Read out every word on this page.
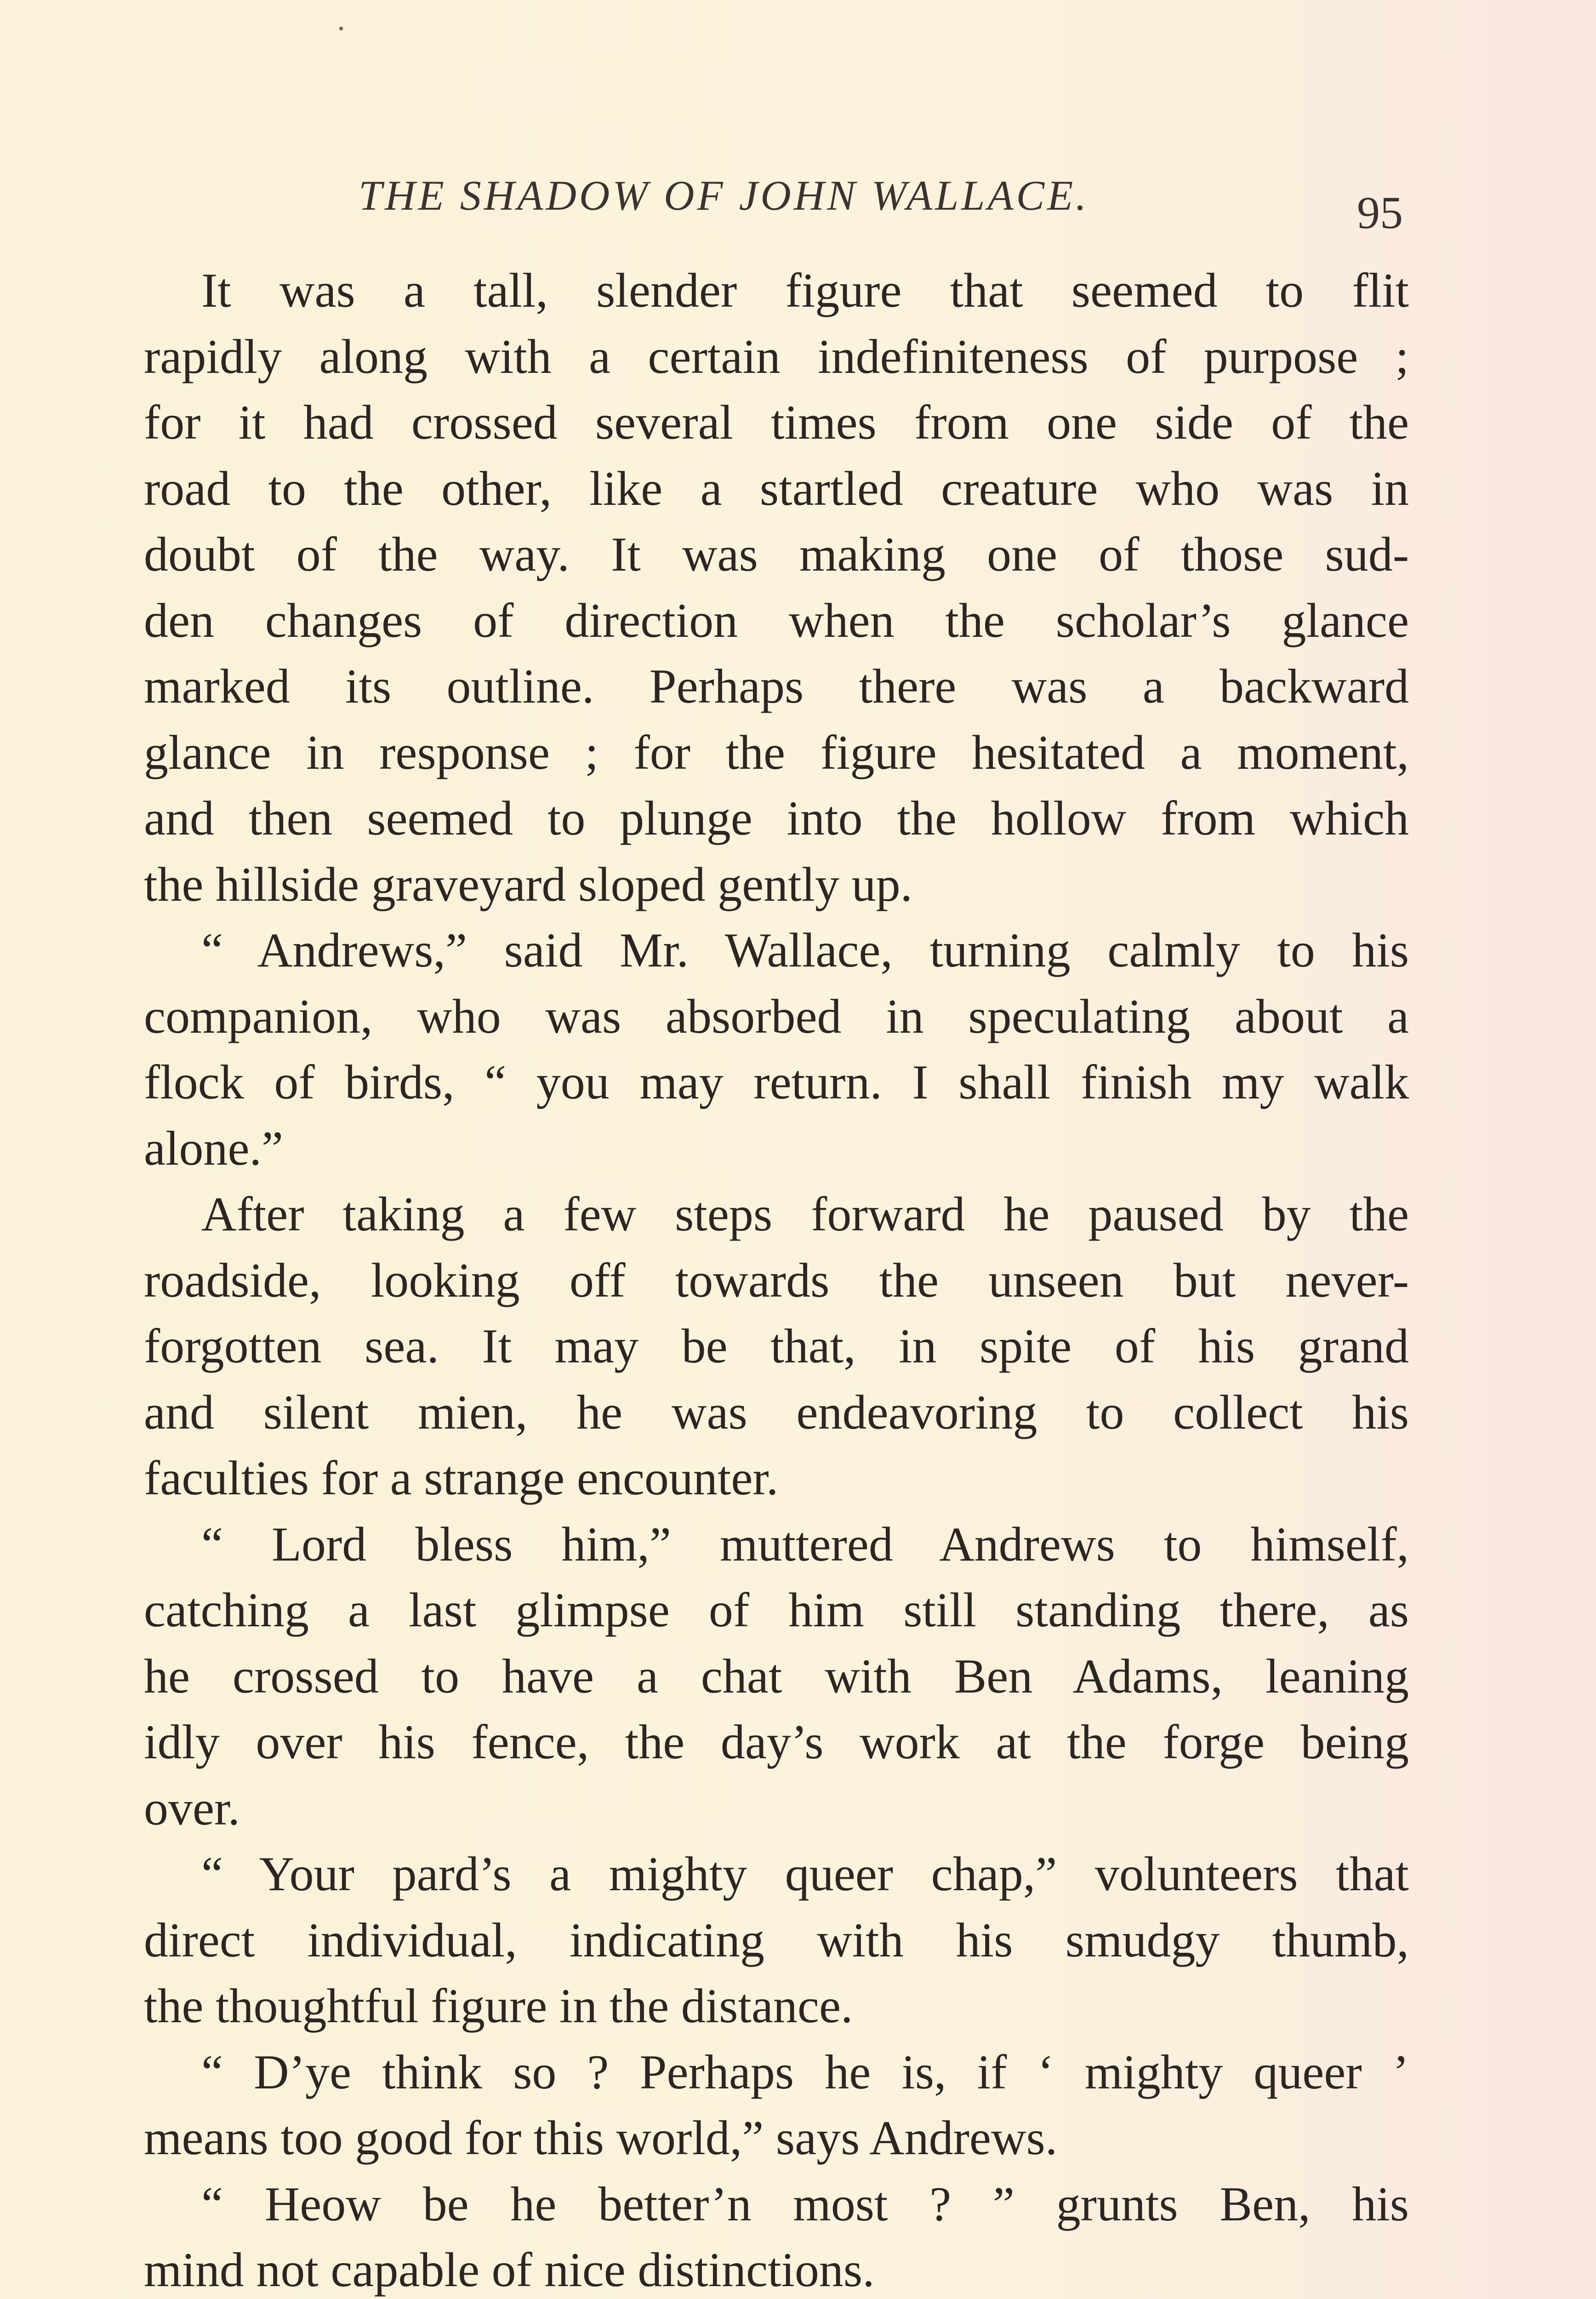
THE SHADOW OF JOHN WALLACE.	95
It was a tall, slender figure that seemed to flit
rapidly along with a certain indefiniteness of purpose ;
for it had crossed several times from one side of the
road to the other, like a startled creature who was in
doubt of the way. It was making one of those sud-
den changes of direction when the scholar’s glance
marked its outline. Perhaps there was a backward
glance in response ; for the figure hesitated a moment,
and then seemed to plunge into the hollow from which
the hillside graveyard sloped gently up.
“ Andrews,” said Mr. Wallace, turning calmly to his
companion, who was absorbed in speculating about a
flock of birds, “ you may return. I shall finish my walk
alone.”
After taking a few steps forward he paused by the
roadside, looking off towards the unseen but never-
forgotten sea. It may be that, in spite of his grand
and silent mien, he was endeavoring to collect his
faculties for a strange encounter.
“ Lord bless him,” muttered Andrews to himself,
catching a last glimpse of him still standing there, as
he crossed to have a chat with Ben Adams, leaning
idly over his fence, the day’s work at the forge being
over.
“ Your pard’s a mighty queer chap,” volunteers that
direct individual, indicating with his smudgy thumb,
the thoughtful figure in the distance.
“ D’ye think so ? Perhaps he is, if ‘ mighty queer ’
means too good for this world,” says Andrews.
“ Heow be he better’n most ? ” grunts Ben, his
mind not capable of nice distinctions.
